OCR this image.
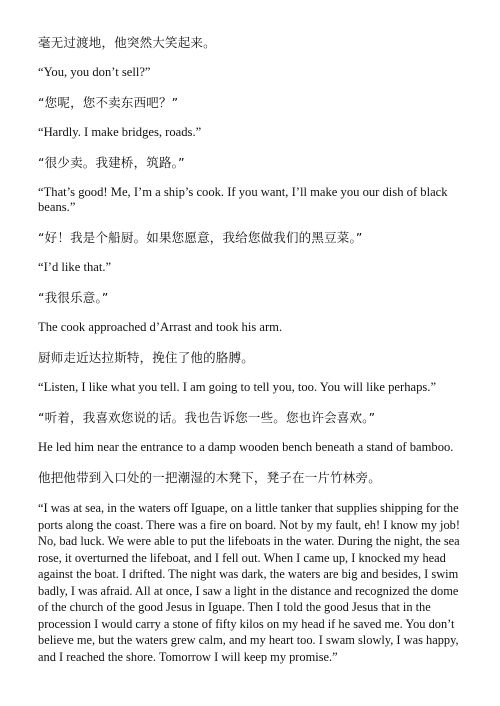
毫无过渡地，他突然大笑起来。

“You, you don’t sell?”

“您呢，您不卖东西吧？”

“Hardly. I make bridges, roads.”

“很少卖。我建桥，筑路。”

“That’s good! Me, I’m a ship’s cook. If you want, I’ll make you our dish of black beans.”

“好！我是个船厨。如果您愿意，我给您做我们的黑豆菜。”

“I’d like that.”

“我很乐意。”

The cook approached d’Arrast and took his arm.

厨师走近达拉斯特，挽住了他的胳膊。

“Listen, I like what you tell. I am going to tell you, too. You will like perhaps.”

“听着，我喜欢您说的话。我也告诉您一些。您也许会喜欢。”

He led him near the entrance to a damp wooden bench beneath a stand of bamboo.

他把他带到入口处的一把潮湿的木凳下，凳子在一片竹林旁。

“I was at sea, in the waters off Iguape, on a little tanker that supplies shipping for the ports along the coast. There was a fire on board. Not by my fault, eh! I know my job! No, bad luck. We were able to put the lifeboats in the water. During the night, the sea rose, it overturned the lifeboat, and I fell out. When I came up, I knocked my head against the boat. I drifted. The night was dark, the waters are big and besides, I swim badly, I was afraid. All at once, I saw a light in the distance and recognized the dome of the church of the good Jesus in Iguape. Then I told the good Jesus that in the procession I would carry a stone of fifty kilos on my head if he saved me. You don’t believe me, but the waters grew calm, and my heart too. I swam slowly, I was happy, and I reached the shore. Tomorrow I will keep my promise.”
